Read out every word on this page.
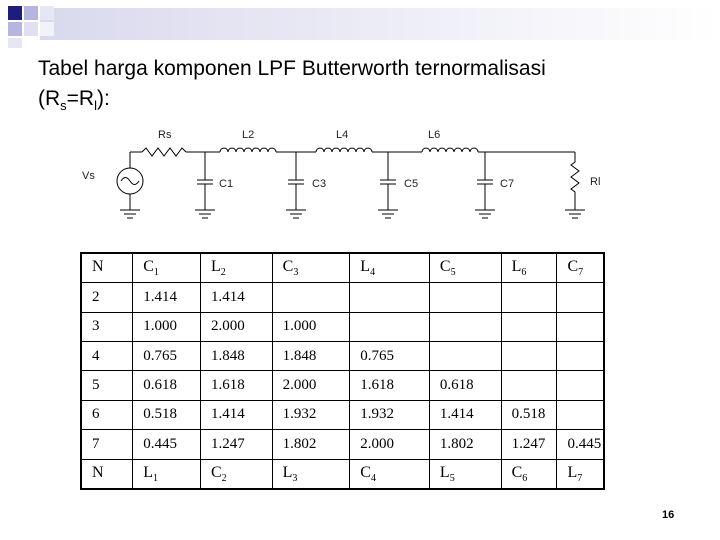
Tabel harga komponen LPF Butterworth ternormalisasi
$(R_s=R_l)$:
Vs
Rs	L2	L4	L6
C1	C3	C5	C7	Rl
N	$C_1$	$L_2$	$C_3$	$L_4$	$C_5$	$L_6$	$C_7$
2	1.414	1.414					
3	1.000	2.000	1.000				
4	0.765	1.848	1.848	0.765			
5	0.618	1.618	2.000	1.618	0.618		
6	0.518	1.414	1.932	1.932	1.414	0.518	
7	0.445	1.247	1.802	2.000	1.802	1.247	0.445
N	$L_1$	$C_2$	$L_3$	$C_4$	$L_5$	$C_6$	$L_7$
16
